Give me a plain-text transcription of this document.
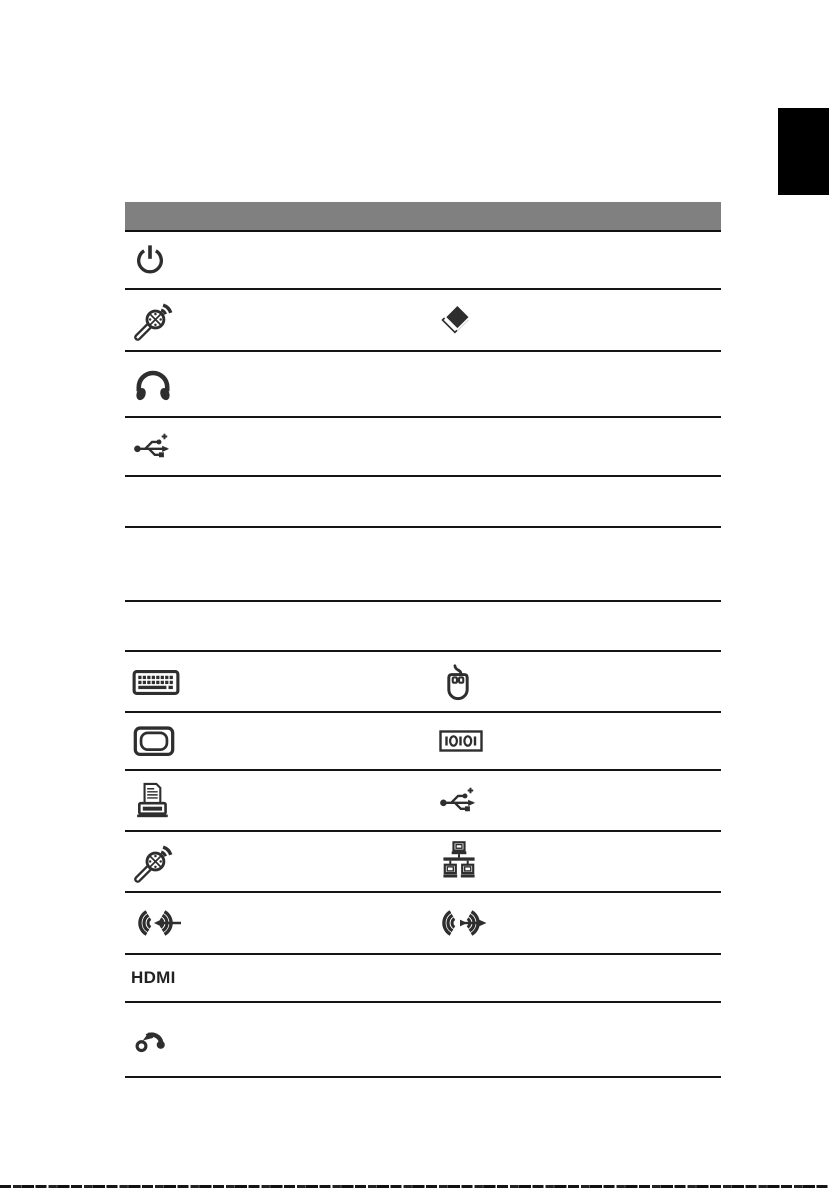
HDMI
